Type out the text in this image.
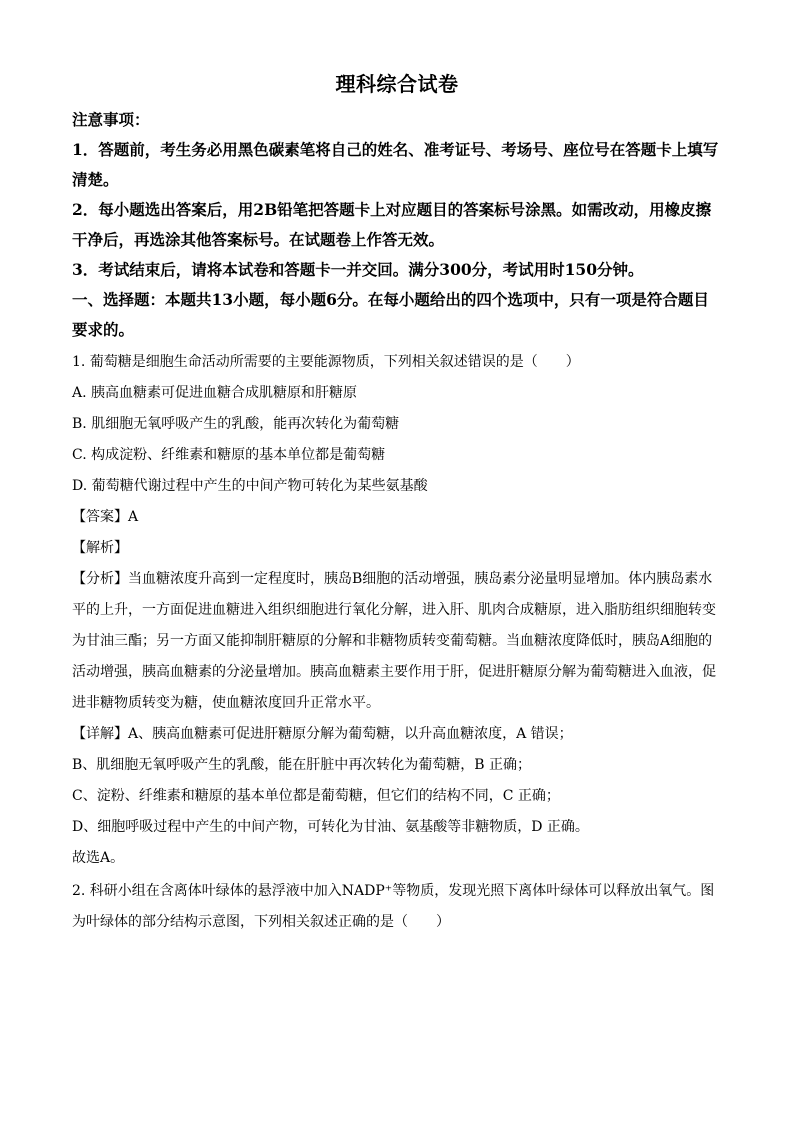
理科综合试卷

注意事项：

1．答题前，考生务必用黑色碳素笔将自己的姓名、准考证号、考场号、座位号在答题卡上填写清楚。

2．每小题选出答案后，用2B铅笔把答题卡上对应题目的答案标号涂黑。如需改动，用橡皮擦干净后，再选涂其他答案标号。在试题卷上作答无效。

3．考试结束后，请将本试卷和答题卡一并交回。满分300分，考试用时150分钟。

一、选择题：本题共13小题，每小题6分。在每小题给出的四个选项中，只有一项是符合题目要求的。

1. 葡萄糖是细胞生命活动所需要的主要能源物质，下列相关叙述错误的是（　　）

A. 胰高血糖素可促进血糖合成肌糖原和肝糖原

B. 肌细胞无氧呼吸产生的乳酸，能再次转化为葡萄糖

C. 构成淀粉、纤维素和糖原的基本单位都是葡萄糖

D. 葡萄糖代谢过程中产生的中间产物可转化为某些氨基酸

【答案】A

【解析】

【分析】当血糖浓度升高到一定程度时，胰岛B细胞的活动增强，胰岛素分泌量明显增加。体内胰岛素水平的上升，一方面促进血糖进入组织细胞进行氧化分解，进入肝、肌肉合成糖原，进入脂肪组织细胞转变为甘油三酯；另一方面又能抑制肝糖原的分解和非糖物质转变葡萄糖。当血糖浓度降低时，胰岛A细胞的活动增强，胰高血糖素的分泌量增加。胰高血糖素主要作用于肝，促进肝糖原分解为葡萄糖进入血液，促进非糖物质转变为糖，使血糖浓度回升正常水平。

【详解】A、胰高血糖素可促进肝糖原分解为葡萄糖，以升高血糖浓度，A 错误；

B、肌细胞无氧呼吸产生的乳酸，能在肝脏中再次转化为葡萄糖，B 正确；

C、淀粉、纤维素和糖原的基本单位都是葡萄糖，但它们的结构不同，C 正确；

D、细胞呼吸过程中产生的中间产物，可转化为甘油、氨基酸等非糖物质，D 正确。

故选A。

2. 科研小组在含离体叶绿体的悬浮液中加入NADP⁺等物质，发现光照下离体叶绿体可以释放出氧气。图为叶绿体的部分结构示意图，下列相关叙述正确的是（　　）
